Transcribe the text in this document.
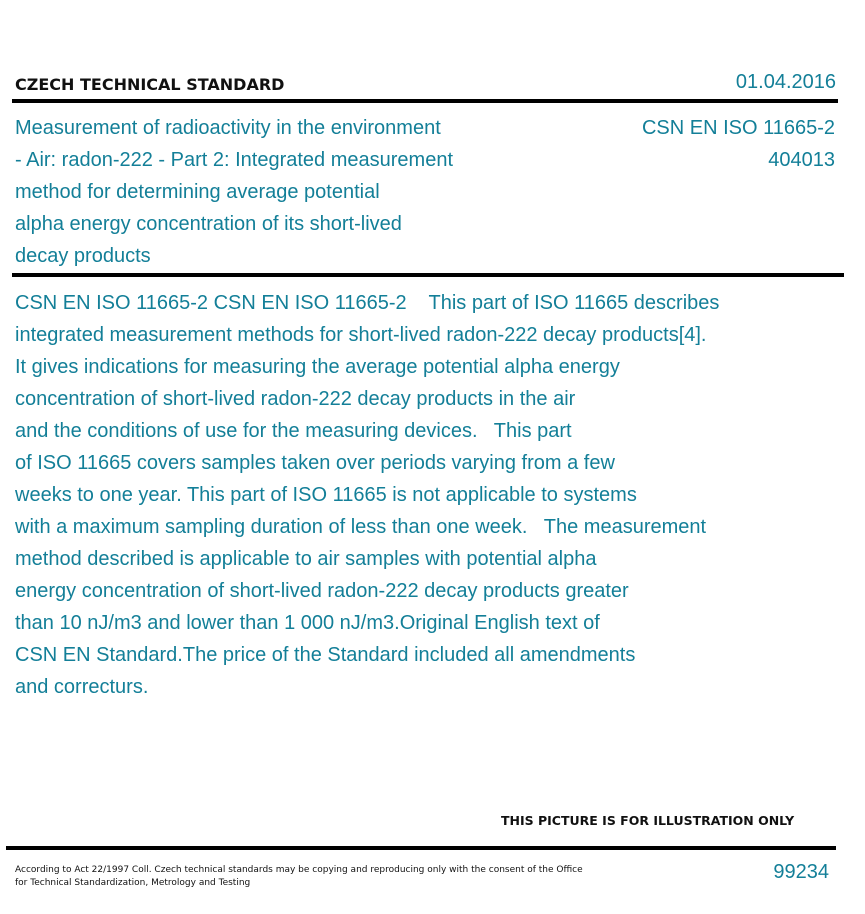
CZECH TECHNICAL STANDARD	01.04.2016
Measurement of radioactivity in the environment
- Air: radon-222 - Part 2: Integrated measurement
method for determining average potential
alpha energy concentration of its short-lived
decay products
CSN EN ISO 11665-2
404013
CSN EN ISO 11665-2 CSN EN ISO 11665-2    This part of ISO 11665 describes
integrated measurement methods for short-lived radon-222 decay products[4].
It gives indications for measuring the average potential alpha energy
concentration of short-lived radon-222 decay products in the air
and the conditions of use for the measuring devices.   This part
of ISO 11665 covers samples taken over periods varying from a few
weeks to one year. This part of ISO 11665 is not applicable to systems
with a maximum sampling duration of less than one week.   The measurement
method described is applicable to air samples with potential alpha
energy concentration of short-lived radon-222 decay products greater
than 10 nJ/m3 and lower than 1 000 nJ/m3.Original English text of
CSN EN Standard.The price of the Standard included all amendments
and correcturs.
THIS PICTURE IS FOR ILLUSTRATION ONLY
According to Act 22/1997 Coll. Czech technical standards may be copying and reproducing only with the consent of the Office
for Technical Standardization, Metrology and Testing	99234
